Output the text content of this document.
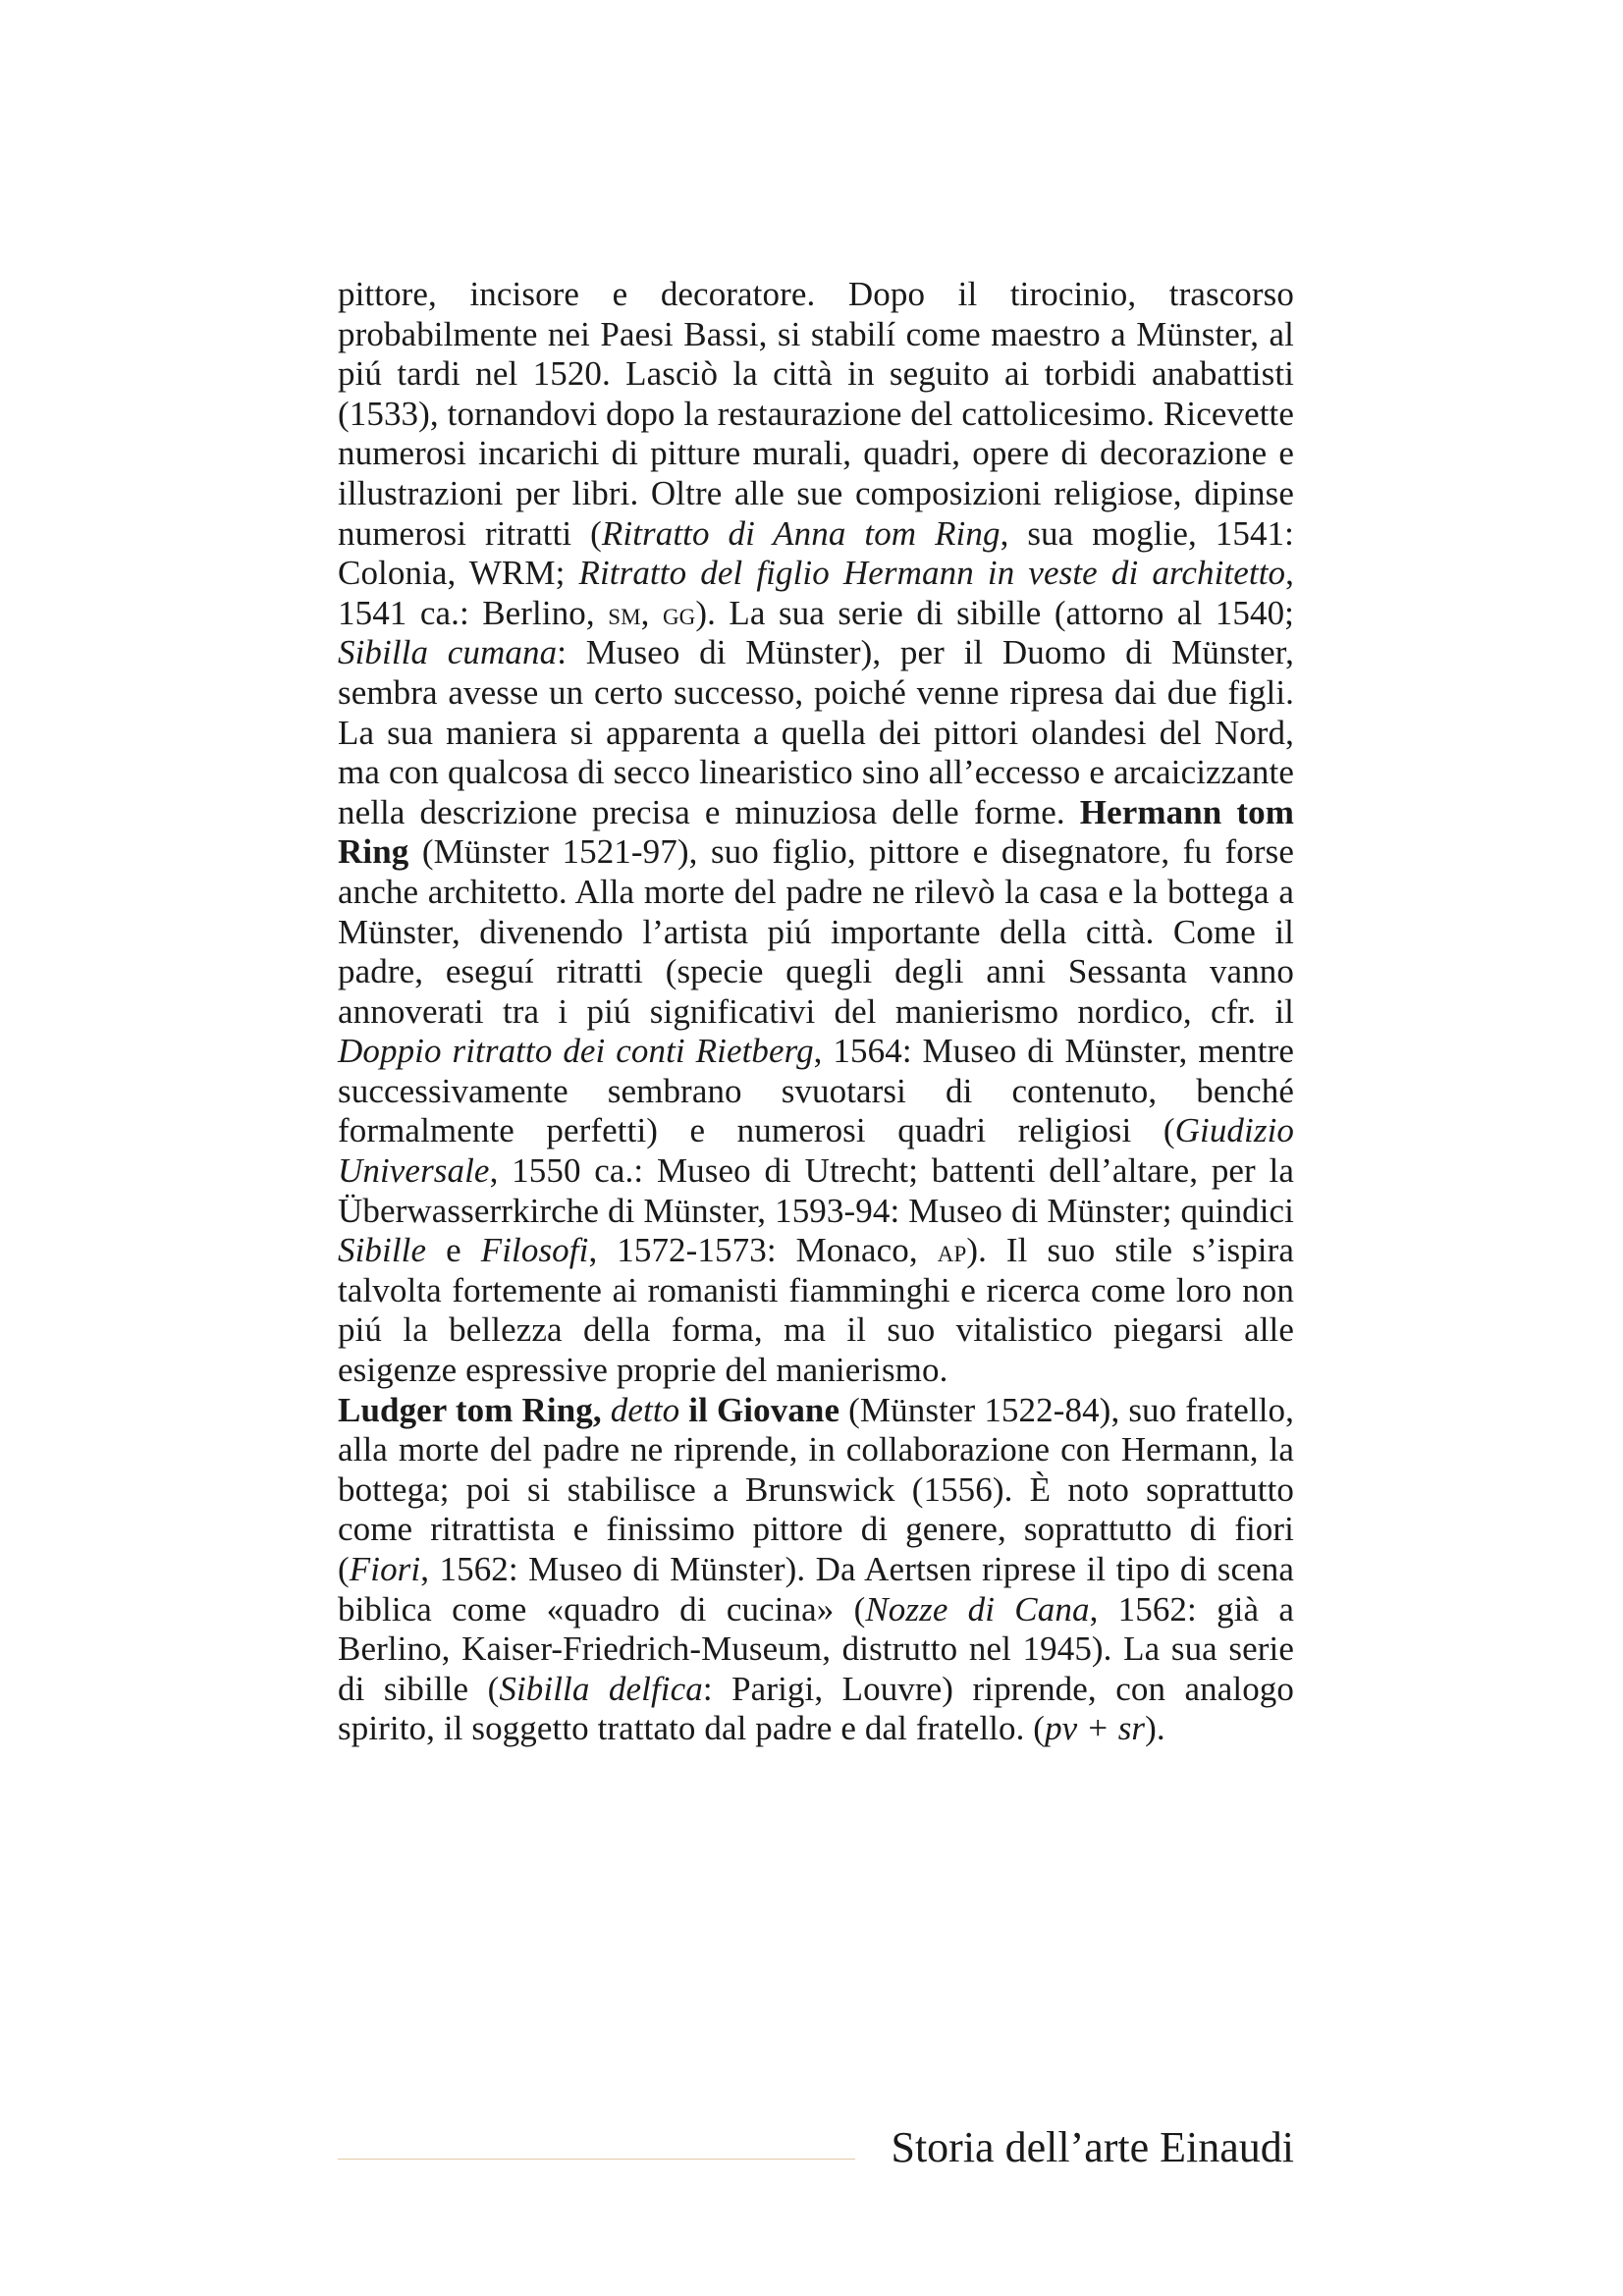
pittore, incisore e decoratore. Dopo il tirocinio, trascorso probabilmente nei Paesi Bassi, si stabilí come maestro a Münster, al piú tardi nel 1520. Lasciò la città in seguito ai torbidi anabattisti (1533), tornandovi dopo la restaurazione del cattolicesimo. Ricevette numerosi incarichi di pitture murali, quadri, opere di decorazione e illustrazioni per libri. Oltre alle sue composizioni religiose, dipinse numerosi ritratti (Ritratto di Anna tom Ring, sua moglie, 1541: Colonia, WRM; Ritratto del figlio Hermann in veste di architetto, 1541 ca.: Berlino, sm, gg). La sua serie di sibille (attorno al 1540; Sibilla cumana: Museo di Münster), per il Duomo di Münster, sembra avesse un certo successo, poiché venne ripresa dai due figli. La sua maniera si apparenta a quella dei pittori olandesi del Nord, ma con qualcosa di secco linearistico sino all’eccesso e arcaicizzante nella descrizione precisa e minuziosa delle forme. Hermann tom Ring (Münster 1521-97), suo figlio, pittore e disegnatore, fu forse anche architetto. Alla morte del padre ne rilevò la casa e la bottega a Münster, divenendo l’artista piú importante della città. Come il padre, eseguí ritratti (specie quegli degli anni Sessanta vanno annoverati tra i piú significativi del manierismo nordico, cfr. il Doppio ritratto dei conti Rietberg, 1564: Museo di Münster, mentre successivamente sembrano svuotarsi di contenuto, benché formalmente perfetti) e numerosi quadri religiosi (Giudizio Universale, 1550 ca.: Museo di Utrecht; battenti dell’altare, per la Überwasserrkirche di Münster, 1593-94: Museo di Münster; quindici Sibille e Filosofi, 1572-1573: Monaco, ap). Il suo stile s’ispira talvolta fortemente ai romanisti fiamminghi e ricerca come loro non piú la bellezza della forma, ma il suo vitalistico piegarsi alle esigenze espressive proprie del manierismo.

Ludger tom Ring, detto il Giovane (Münster 1522-84), suo fratello, alla morte del padre ne riprende, in collaborazione con Hermann, la bottega; poi si stabilisce a Brunswick (1556). È noto soprattutto come ritrattista e finissimo pittore di genere, soprattutto di fiori (Fiori, 1562: Museo di Münster). Da Aertsen riprese il tipo di scena biblica come «quadro di cucina» (Nozze di Cana, 1562: già a Berlino, Kaiser-Friedrich-Museum, distrutto nel 1945). La sua serie di sibille (Sibilla delfica: Parigi, Louvre) riprende, con analogo spirito, il soggetto trattato dal padre e dal fratello. (pv + sr).

Storia dell’arte Einaudi
